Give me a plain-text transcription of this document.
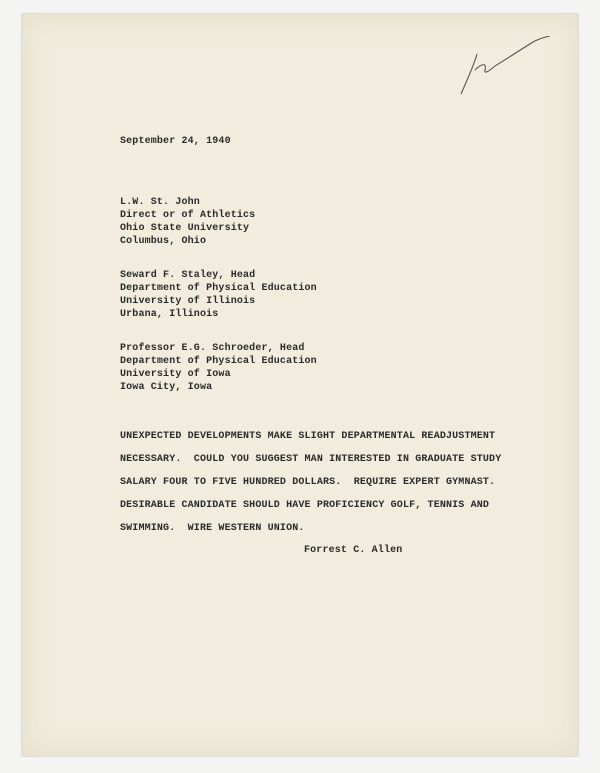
September 24, 1940
L.W. St. John
Direct or of Athletics
Ohio State University
Columbus, Ohio
Seward F. Staley, Head
Department of Physical Education
University of Illinois
Urbana, Illinois
Professor E.G. Schroeder, Head
Department of Physical Education
University of Iowa
Iowa City, Iowa
UNEXPECTED DEVELOPMENTS MAKE SLIGHT DEPARTMENTAL READJUSTMENT
NECESSARY.  COULD YOU SUGGEST MAN INTERESTED IN GRADUATE STUDY
SALARY FOUR TO FIVE HUNDRED DOLLARS.  REQUIRE EXPERT GYMNAST.
DESIRABLE CANDIDATE SHOULD HAVE PROFICIENCY GOLF, TENNIS AND
SWIMMING.  WIRE WESTERN UNION.
Forrest C. Allen
